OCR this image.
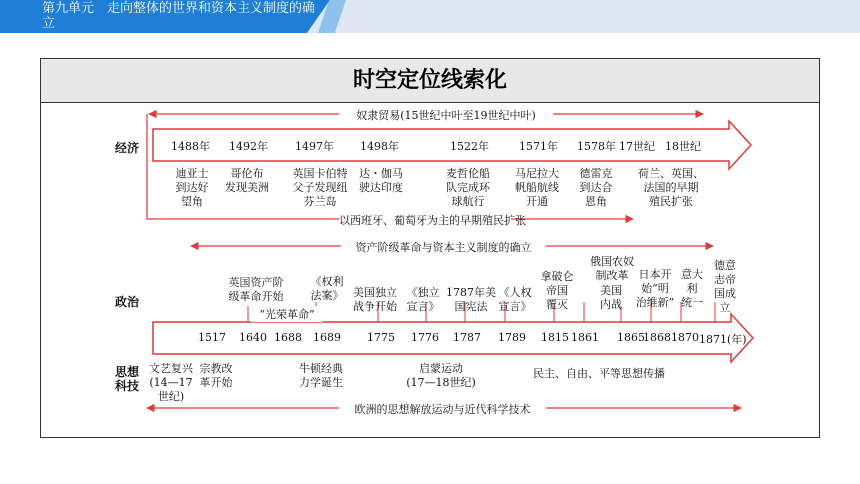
第九单元　走向整体的世界和资本主义制度的确立
时空定位线索化
经济
奴隶贸易(15世纪中叶至19世纪中叶)
以西班牙、葡萄牙为主的早期殖民扩张
1488年 1492年 1497年 1498年	1522年	1571年 1578年 17世纪 18世纪
迪亚士
到达好
望角
哥伦布
发现美洲
英国卡伯特
父子发现纽
芬兰岛
达・伽马
驶达印度
麦哲伦船
队完成环
球航行
马尼拉大
帆船航线
开通
德雷克
到达合
恩角
荷兰、英国、
法国的早期
殖民扩张
政治
资产阶级革命与资本主义制度的确立
1517 1640 1688 1689 1775 1776 1787 1789 1815 1861 1865
1868 1870 1871(年)
英国资产阶
级革命开始
“光荣革命”
《权利
法案》 美国独立
战争开始
《独立
宣言》
1787年美
国宪法
《人权
宣言》
拿破仑
帝国
覆灭
俄国农奴
制改革
美国
内战
日本开
始“明
治维新”
意大
利
统一
德意
志帝
国成
立
思想
科技
文艺复兴
(14—17
世纪)
宗教改
革开始
牛顿经典
力学诞生
启蒙运动
(17—18世纪)
民主、自由、平等思想传播
欧洲的思想解放运动与近代科学技术
